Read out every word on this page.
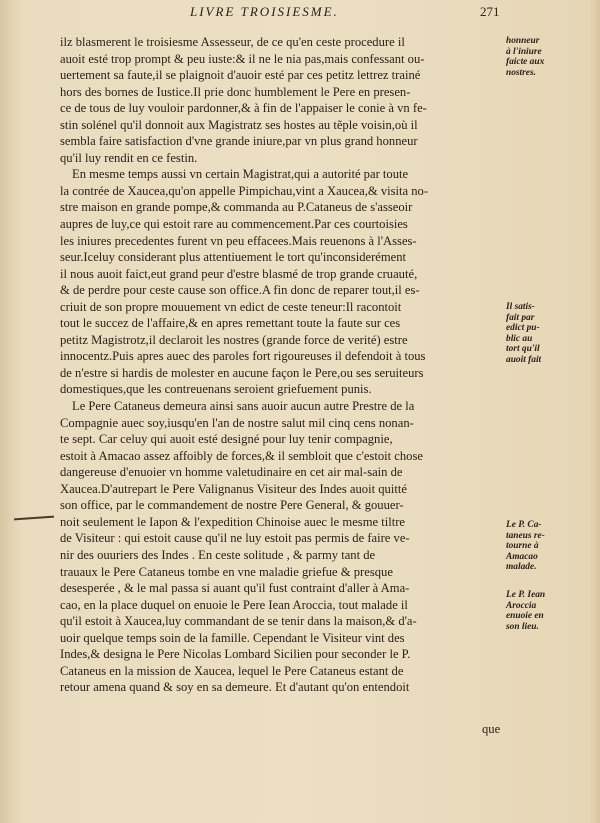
LIVRE TROISIESME.	271
ilz blasmerent le troisiesme Assesseur, de ce qu'en ceste procedure il
auoit esté trop prompt & peu iuste:& il ne le nia pas,mais confessant ou-
uertement sa faute,il se plaignoit d'auoir esté par ces petitz lettrez trainé
hors des bornes de Iustice.Il prie donc humblement le Pere en presen-
ce de tous de luy vouloir pardonner,& à fin de l'appaiser le conie à vn fe-
stin solénel qu'il donnoit aux Magistratz ses hostes au tẽple voisin,où il
sembla faire satisfaction d'vne grande iniure,par vn plus grand honneur
qu'il luy rendit en ce festin.
En mesme temps aussi vn certain Magistrat,qui a autorité par toute
la contrée de Xaucea,qu'on appelle Pimpichau,vint a Xaucea,& visita no-
stre maison en grande pompe,& commanda au P.Cataneus de s'asseoir
aupres de luy,ce qui estoit rare au commencement.Par ces courtoisies
les iniures precedentes furent vn peu effacees.Mais reuenons à l'Asses-
seur.Iceluy considerant plus attentiuement le tort qu'inconsiderément
il nous auoit faict,eut grand peur d'estre blasmé de trop grande cruauté,
& de perdre pour ceste cause son office.A fin donc de reparer tout,il es-
criuit de son propre mouuement vn edict de ceste teneur:Il racontoit
tout le succez de l'affaire,& en apres remettant toute la faute sur ces
petitz Magistrotz,il declaroit les nostres (grande force de verité) estre
innocentz.Puis apres auec des paroles fort rigoureuses il defendoit à tous
de n'estre si hardis de molester en aucune façon le Pere,ou ses seruiteurs
domestiques,que les contreuenans seroient griefuement punis.
Le Pere Cataneus demeura ainsi sans auoir aucun autre Prestre de la
Compagnie auec soy,iusqu'en l'an de nostre salut mil cinq cens nonan-
te sept. Car celuy qui auoit esté designé pour luy tenir compagnie,
estoit à Amacao assez affoibly de forces,& il sembloit que c'estoit chose
dangereuse d'enuoier vn homme valetudinaire en cet air mal-sain de
Xaucea.D'autrepart le Pere Valignanus Visiteur des Indes auoit quitté
son office, par le commandement de nostre Pere General, & gouuer-
noit seulement le Iapon & l'expedition Chinoise auec le mesme tiltre
de Visiteur : qui estoit cause qu'il ne luy estoit pas permis de faire ve-
nir des ouuriers des Indes . En ceste solitude , & parmy tant de
trauaux le Pere Cataneus tombe en vne maladie griefue & presque
desesperée , & le mal passa si auant qu'il fust contraint d'aller à Ama-
cao, en la place duquel on enuoie le Pere Iean Aroccia, tout malade il
qu'il estoit à Xaucea,luy commandant de se tenir dans la maison,& d'a-
uoir quelque temps soin de la famille. Cependant le Visiteur vint des
Indes,& designa le Pere Nicolas Lombard Sicilien pour seconder le P.
Cataneus en la mission de Xaucea, lequel le Pere Cataneus estant de
retour amena quand & soy en sa demeure. Et d'autant qu'on entendoit
honneur
à l'iniure
faicte aux
nostres.
Il satis-
fait par
edict pu-
blic au
tort qu'il
auoit fait
Le P. Ca-
taneus re-
tourne à
Amacao
malade.
Le P. Iean
Aroccia
enuoie en
son lieu.
que
